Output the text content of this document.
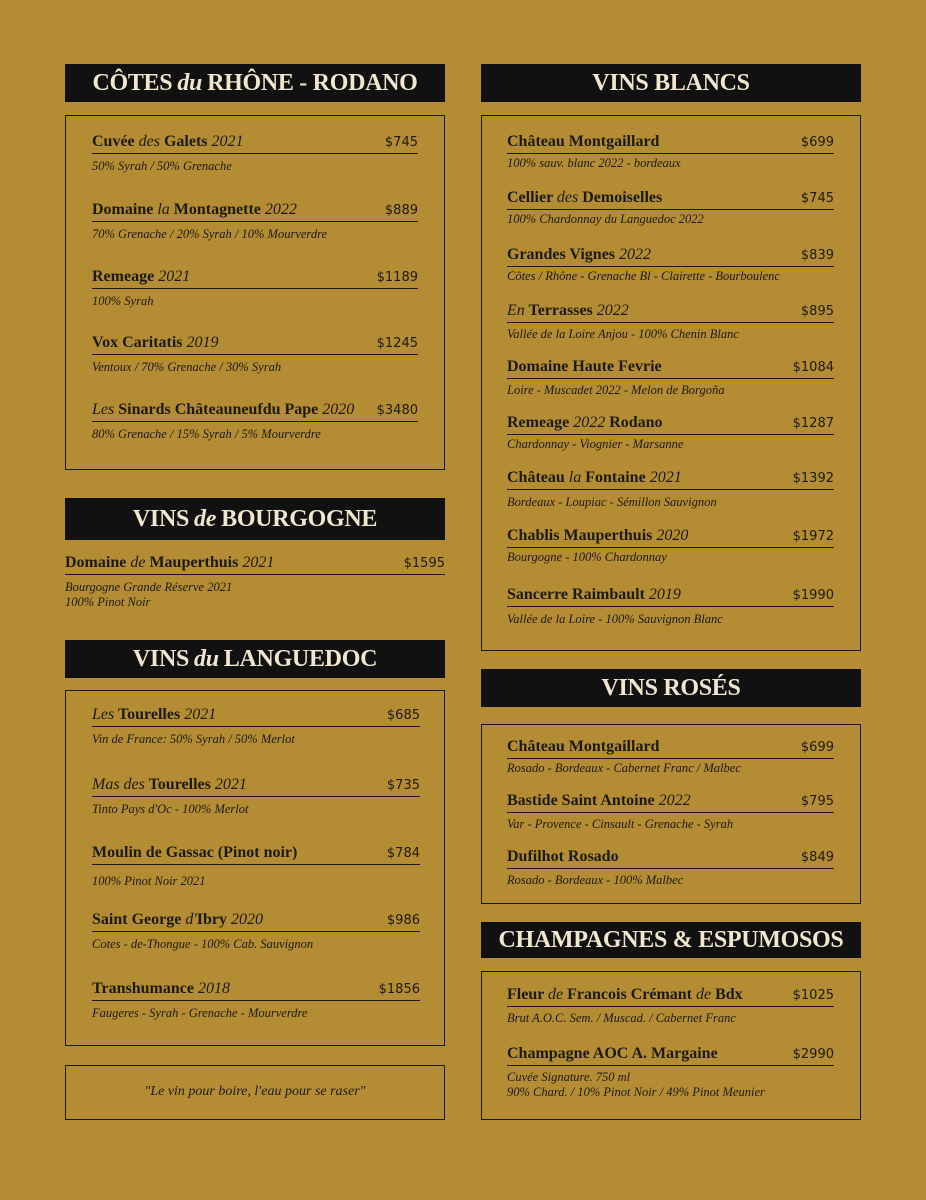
CÔTES du RHÔNE - RODANO	VINS BLANCS
VINS de BOURGOGNE
VINS du LANGUEDOC
VINS ROSÉS
CHAMPAGNES & ESPUMOSOS
"Le vin pour boire, l'eau pour se raser"
Cuvée des Galets 2021	$745
50% Syrah / 50% Grenache
Domaine la Montagnette 2022	$889
70% Grenache / 20% Syrah / 10% Mourverdre
Remeage 2021	$1189
100% Syrah
Vox Caritatis 2019	$1245
Ventoux / 70% Grenache / 30% Syrah
Les Sinards Châteauneufdu Pape 2020 $3480
80% Grenache / 15% Syrah / 5% Mourverdre
Domaine de Mauperthuis 2021	$1595
Bourgogne Grande Réserve 2021
100% Pinot Noir
Les Tourelles 2021	$685
Vin de France: 50% Syrah / 50% Merlot
Mas des Tourelles 2021	$735
Tinto Pays d'Oc - 100% Merlot
Moulin de Gassac (Pinot noir)	$784
100% Pinot Noir 2021
Saint George d'Ibry 2020	$986
Cotes - de-Thongue - 100% Cab. Sauvignon
Transhumance 2018	$1856
Faugeres - Syrah - Grenache - Mourverdre
Château Montgaillard	$699
100% sauv. blanc 2022 - bordeaux
Cellier des Demoiselles	$745
100% Chardonnay du Languedoc 2022
Grandes Vignes 2022	$839
Côtes / Rhône - Grenache Bl - Clairette - Bourboulenc
En Terrasses 2022	$895
Vallée de la Loire Anjou - 100% Chenin Blanc
Domaine Haute Fevrie	$1084
Loire - Muscadet 2022 - Melon de Borgoña
Remeage 2022 Rodano	$1287
Chardonnay - Viognier - Marsanne
Château la Fontaine 2021	$1392
Bordeaux - Loupiac - Sémillon Sauvignon
Chablis Mauperthuis 2020	$1972
Bourgogne - 100% Chardonnay
Sancerre Raimbault 2019	$1990
Vallée de la Loire - 100% Sauvignon Blanc
Château Montgaillard	$699
Rosado - Bordeaux - Cabernet Franc / Malbec
Bastide Saint Antoine 2022	$795
Var - Provence - Cinsault - Grenache - Syrah
Dufilhot Rosado	$849
Rosado - Bordeaux - 100% Malbec
Fleur de Francois Crémant de Bdx	$1025
Brut A.O.C. Sem. / Muscad. / Cabernet Franc
Champagne AOC A. Margaine	$2990
Cuvée Signature. 750 ml
90% Chard. / 10% Pinot Noir / 49% Pinot Meunier
